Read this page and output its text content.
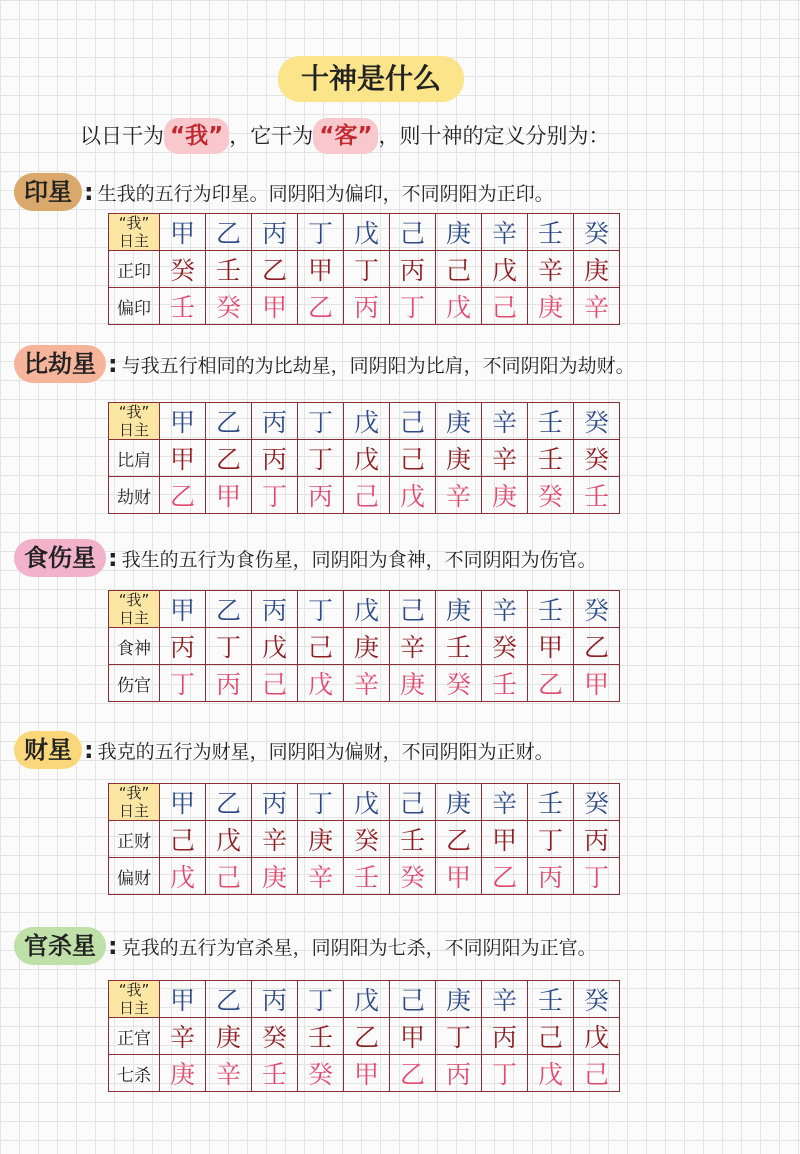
十神是什么
以日干为 “我” ，它干为 “客” ，则十神的定义分别为：
印星 : 生我的五行为印星。同阴阳为偏印，不同阴阳为正印。
“我”
日主	甲	乙	丙	丁	戊	己	庚	辛	壬	癸
正印	癸	壬	乙	甲	丁	丙	己	戊	辛	庚
偏印	壬	癸	甲	乙	丙	丁	戊	己	庚	辛
比劫星 : 与我五行相同的为比劫星，同阴阳为比肩，不同阴阳为劫财。
“我”
日主	甲	乙	丙	丁	戊	己	庚	辛	壬	癸
比肩	甲	乙	丙	丁	戊	己	庚	辛	壬	癸
劫财	乙	甲	丁	丙	己	戊	辛	庚	癸	壬
食伤星 : 我生的五行为食伤星，同阴阳为食神，不同阴阳为伤官。
“我”
日主	甲	乙	丙	丁	戊	己	庚	辛	壬	癸
食神	丙	丁	戊	己	庚	辛	壬	癸	甲	乙
伤官	丁	丙	己	戊	辛	庚	癸	壬	乙	甲
财星 : 我克的五行为财星，同阴阳为偏财，不同阴阳为正财。
“我”
日主	甲	乙	丙	丁	戊	己	庚	辛	壬	癸
正财	己	戊	辛	庚	癸	壬	乙	甲	丁	丙
偏财	戊	己	庚	辛	壬	癸	甲	乙	丙	丁
官杀星 : 克我的五行为官杀星，同阴阳为七杀，不同阴阳为正官。
“我”
日主	甲	乙	丙	丁	戊	己	庚	辛	壬	癸
正官	辛	庚	癸	壬	乙	甲	丁	丙	己	戊
七杀	庚	辛	壬	癸	甲	乙	丙	丁	戊	己
